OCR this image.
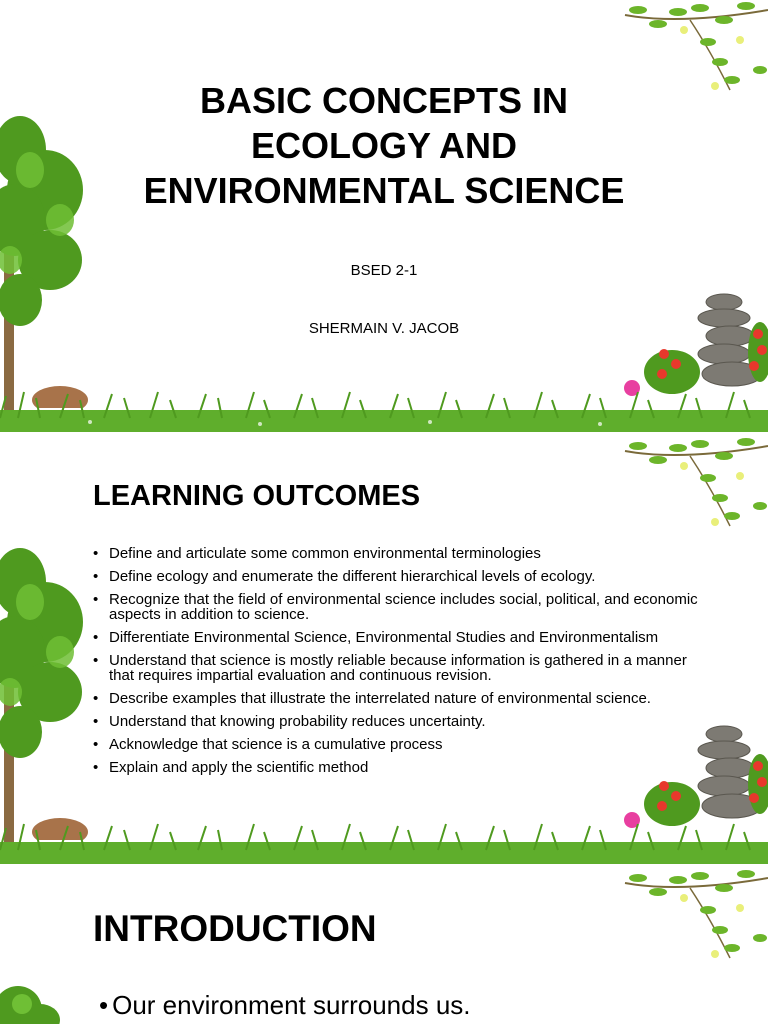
BASIC CONCEPTS IN
ECOLOGY AND
ENVIRONMENTAL SCIENCE

BSED 2-1

SHERMAIN V. JACOB

LEARNING OUTCOMES
• Define and articulate some common environmental terminologies
• Define ecology and enumerate the different hierarchical levels of ecology.
• Recognize that the field of environmental science includes social, political, and economic aspects in addition to science.
• Differentiate Environmental Science, Environmental Studies and Environmentalism
• Understand that science is mostly reliable because information is gathered in a manner that requires impartial evaluation and continuous revision.
• Describe examples that illustrate the interrelated nature of environmental science.
• Understand that knowing probability reduces uncertainty.
• Acknowledge that science is a cumulative process
• Explain and apply the scientific method
INTRODUCTION

• Our environment surrounds us.
